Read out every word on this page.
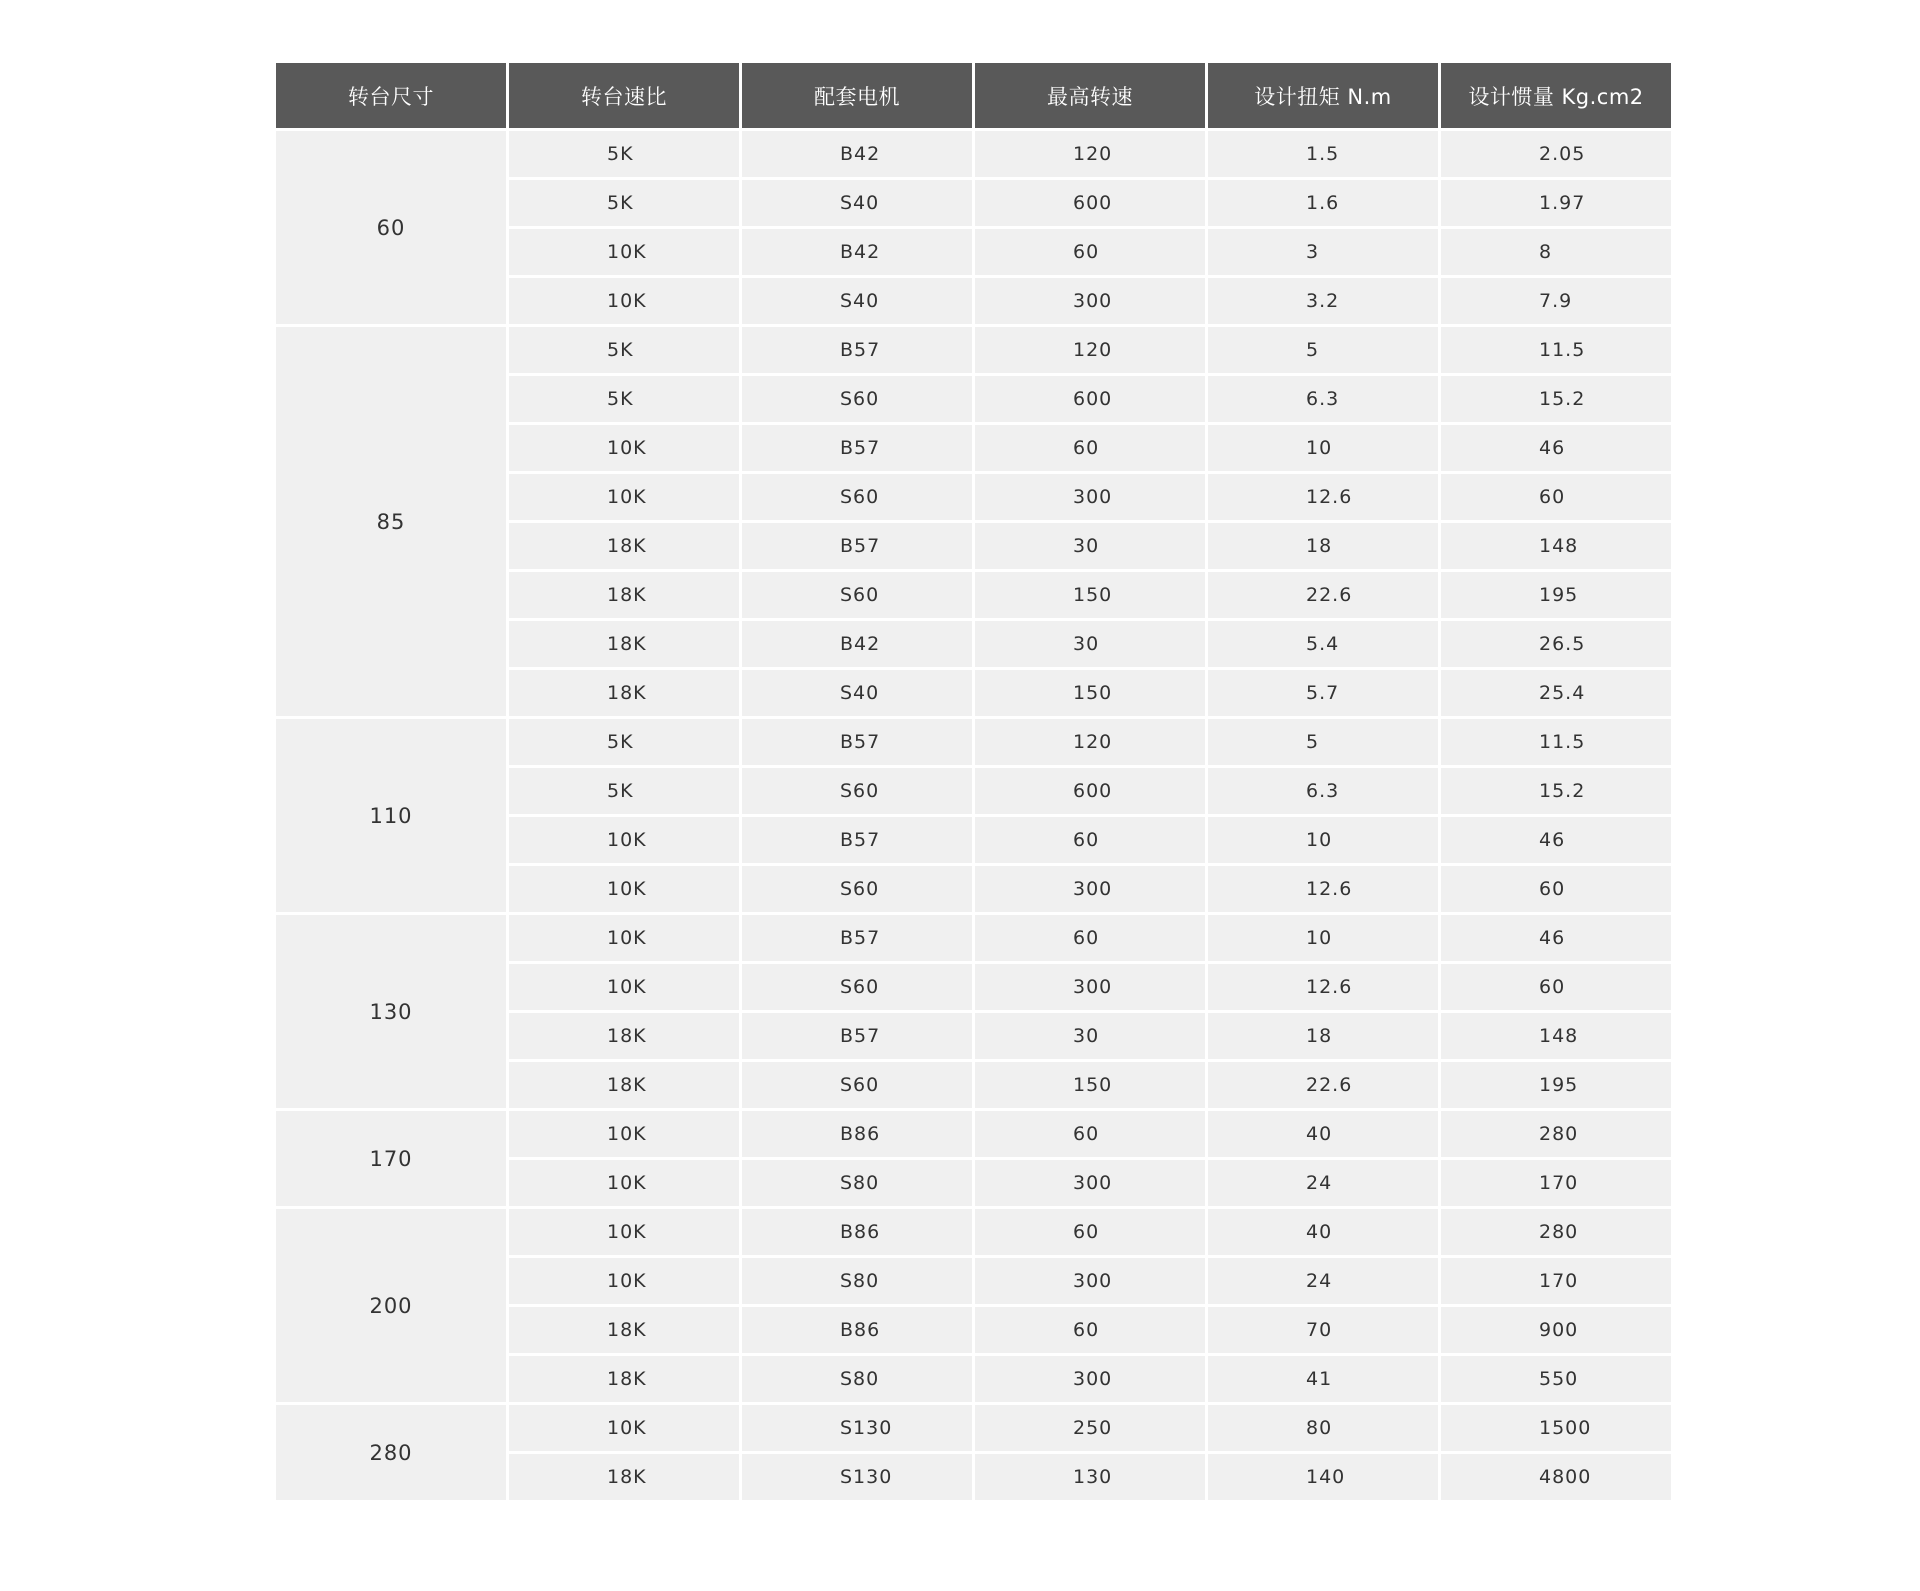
转台尺寸	转台速比	配套电机	最高转速	设计扭矩 N.m	设计惯量 Kg.cm2
60	5K	B42	120	1.5	2.05
	5K	S40	600	1.6	1.97
	10K	B42	60	3	8
	10K	S40	300	3.2	7.9
85	5K	B57	120	5	11.5
	5K	S60	600	6.3	15.2
	10K	B57	60	10	46
	10K	S60	300	12.6	60
	18K	B57	30	18	148
	18K	S60	150	22.6	195
	18K	B42	30	5.4	26.5
	18K	S40	150	5.7	25.4
110	5K	B57	120	5	11.5
	5K	S60	600	6.3	15.2
	10K	B57	60	10	46
	10K	S60	300	12.6	60
130	10K	B57	60	10	46
	10K	S60	300	12.6	60
	18K	B57	30	18	148
	18K	S60	150	22.6	195
170	10K	B86	60	40	280
	10K	S80	300	24	170
200	10K	B86	60	40	280
	10K	S80	300	24	170
	18K	B86	60	70	900
	18K	S80	300	41	550
280	10K	S130	250	80	1500
	18K	S130	130	140	4800
